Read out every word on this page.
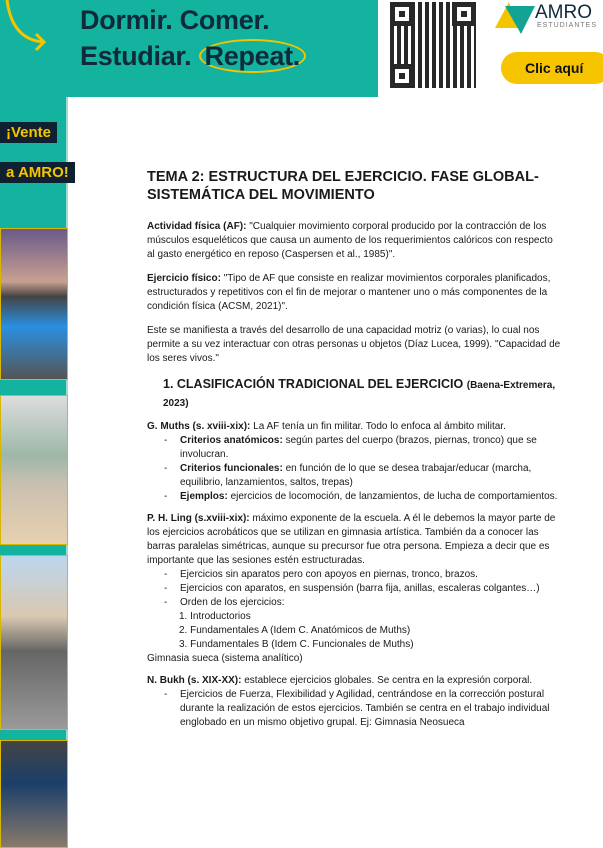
Dormir. Comer.
Estudiar. Repeat.
AMRO
ESTUDIANTES
Clic aquí
¡Vente
a AMRO!	TEMA 2: ESTRUCTURA DEL EJERCICIO. FASE GLOBAL-SISTEMÁTICA DEL MOVIMIENTO

Actividad física (AF): "Cualquier movimiento corporal producido por la contracción de los músculos esqueléticos que causa un aumento de los requerimientos calóricos con respecto al gasto energético en reposo (Caspersen et al., 1985)".

Ejercicio físico: "Tipo de AF que consiste en realizar movimientos corporales planificados, estructurados y repetitivos con el fin de mejorar o mantener uno o más componentes de la condición física (ACSM, 2021)".

Este se manifiesta a través del desarrollo de una capacidad motriz (o varias), lo cual nos permite a su vez interactuar con otras personas u objetos (Díaz Lucea, 1999). "Capacidad de los seres vivos."

1. CLASIFICACIÓN TRADICIONAL DEL EJERCICIO (Baena-Extremera, 2023)
G. Muths (s. xviii-xix): La AF tenía un fin militar. Todo lo enfoca al ámbito militar.
- Criterios anatómicos: según partes del cuerpo (brazos, piernas, tronco) que se involucran.
- Criterios funcionales: en función de lo que se desea trabajar/educar (marcha, equilibrio, lanzamientos, saltos, trepas)
- Ejemplos: ejercicios de locomoción, de lanzamientos, de lucha de comportamientos.
P. H. Ling (s.xviii-xix): máximo exponente de la escuela. A él le debemos la mayor parte de los ejercicios acrobáticos que se utilizan en gimnasia artística. También da a conocer las barras paralelas simétricas, aunque su precursor fue otra persona. Empieza a decir que es importante que las sesiones estén estructuradas.
- Ejercicios sin aparatos pero con apoyos en piernas, tronco, brazos.
- Ejercicios con aparatos, en suspensión (barra fija, anillas, escaleras colgantes…)
- Orden de los ejercicios:
1. Introductorios
2. Fundamentales A (Idem C. Anatómicos de Muths)
3. Fundamentales B (Idem C. Funcionales de Muths)
Gimnasia sueca (sistema analítico)
N. Bukh (s. XIX-XX): establece ejercicios globales. Se centra en la expresión corporal.
- Ejercicios de Fuerza, Flexibilidad y Agilidad, centrándose en la corrección postural durante la realización de estos ejercicios. También se centra en el trabajo individual englobado en un mismo objetivo grupal. Ej: Gimnasia Neosueca
